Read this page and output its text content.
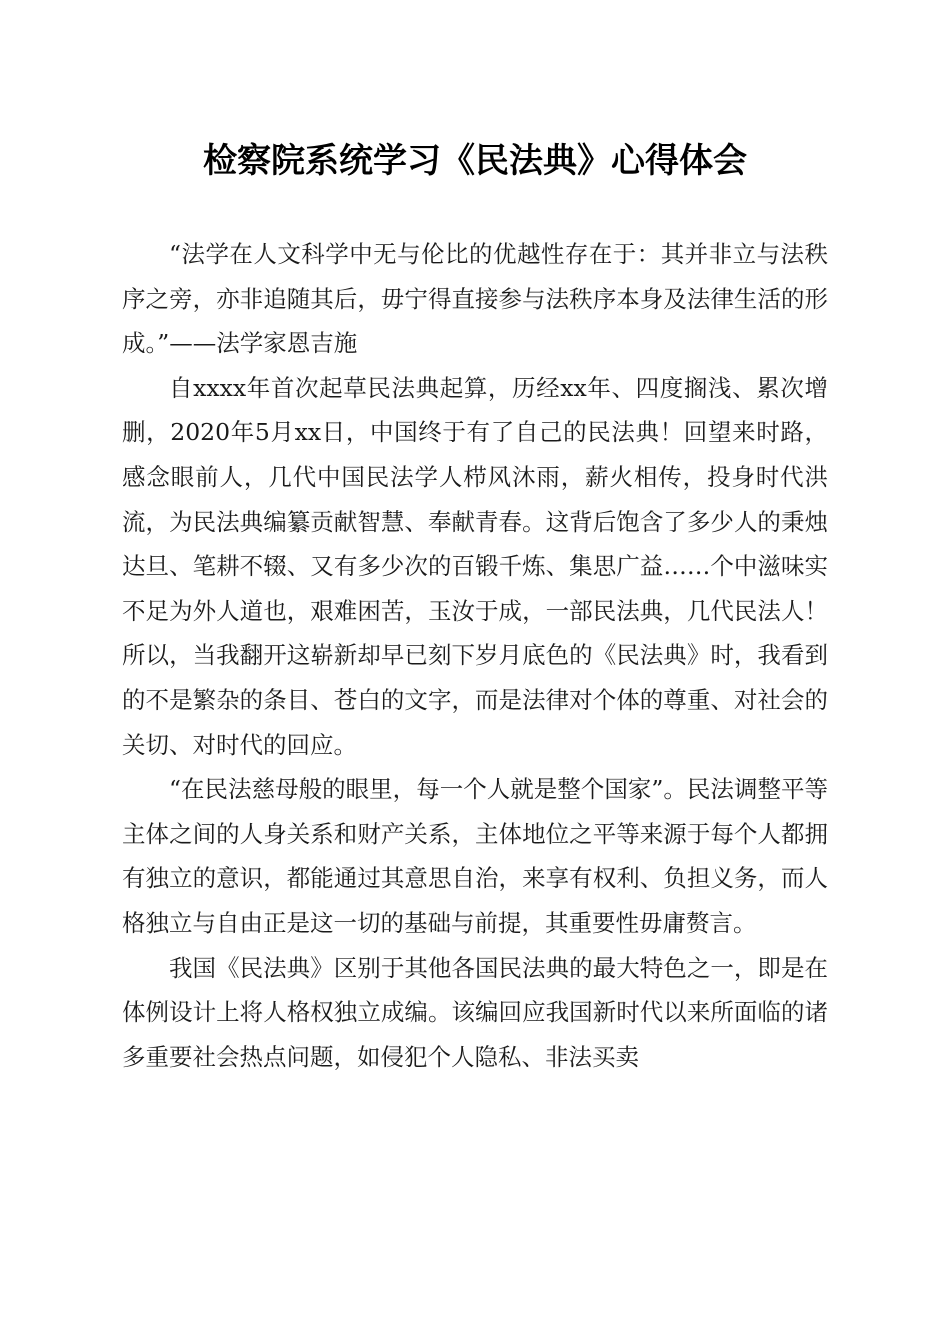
检察院系统学习《民法典》心得体会

“法学在人文科学中无与伦比的优越性存在于：其并非立与法秩序之旁，亦非追随其后，毋宁得直接参与法秩序本身及法律生活的形成。”——法学家恩吉施

自xxxx年首次起草民法典起算，历经xx年、四度搁浅、累次增删，2020年5月xx日，中国终于有了自己的民法典！回望来时路，感念眼前人，几代中国民法学人栉风沐雨，薪火相传，投身时代洪流，为民法典编纂贡献智慧、奉献青春。这背后饱含了多少人的秉烛达旦、笔耕不辍、又有多少次的百锻千炼、集思广益……个中滋味实不足为外人道也，艰难困苦，玉汝于成，一部民法典，几代民法人！所以，当我翻开这崭新却早已刻下岁月底色的《民法典》时，我看到的不是繁杂的条目、苍白的文字，而是法律对个体的尊重、对社会的关切、对时代的回应。

“在民法慈母般的眼里，每一个人就是整个国家”。民法调整平等主体之间的人身关系和财产关系，主体地位之平等来源于每个人都拥有独立的意识，都能通过其意思自治，来享有权利、负担义务，而人格独立与自由正是这一切的基础与前提，其重要性毋庸赘言。

我国《民法典》区别于其他各国民法典的最大特色之一，即是在体例设计上将人格权独立成编。该编回应我国新时代以来所面临的诸多重要社会热点问题，如侵犯个人隐私、非法买卖
